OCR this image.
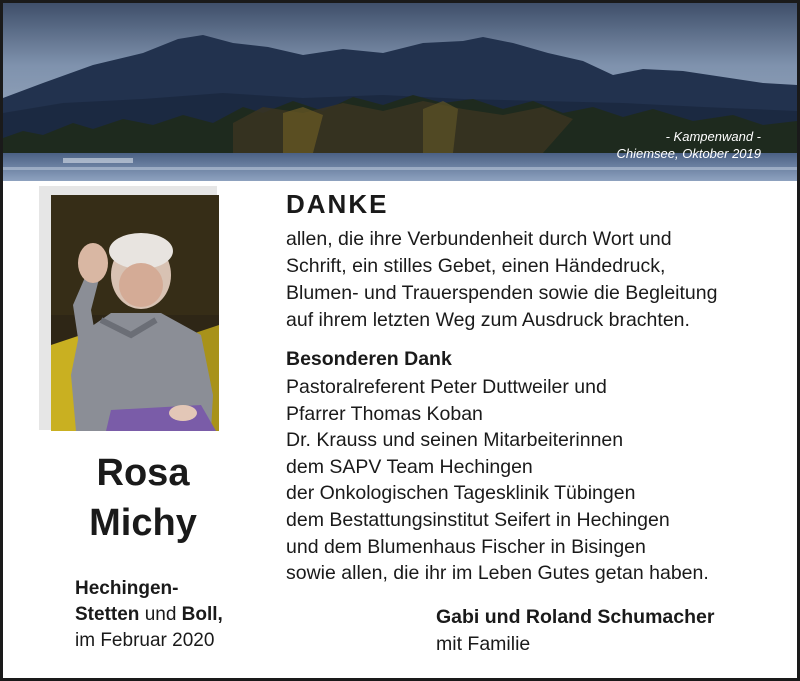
- Kampenwand -
Chiemsee, Oktober 2019
Rosa
Michy
Hechingen-
Stetten und Boll,
im Februar 2020
DANKE
allen, die ihre Verbundenheit durch Wort und
Schrift, ein stilles Gebet, einen Händedruck,
Blumen- und Trauerspenden sowie die Begleitung
auf ihrem letzten Weg zum Ausdruck brachten.
Besonderen Dank
Pastoralreferent Peter Duttweiler und
Pfarrer Thomas Koban
Dr. Krauss und seinen Mitarbeiterinnen
dem SAPV Team Hechingen
der Onkologischen Tagesklinik Tübingen
dem Bestattungsinstitut Seifert in Hechingen
und dem Blumenhaus Fischer in Bisingen
sowie allen, die ihr im Leben Gutes getan haben.
Gabi und Roland Schumacher
mit Familie
